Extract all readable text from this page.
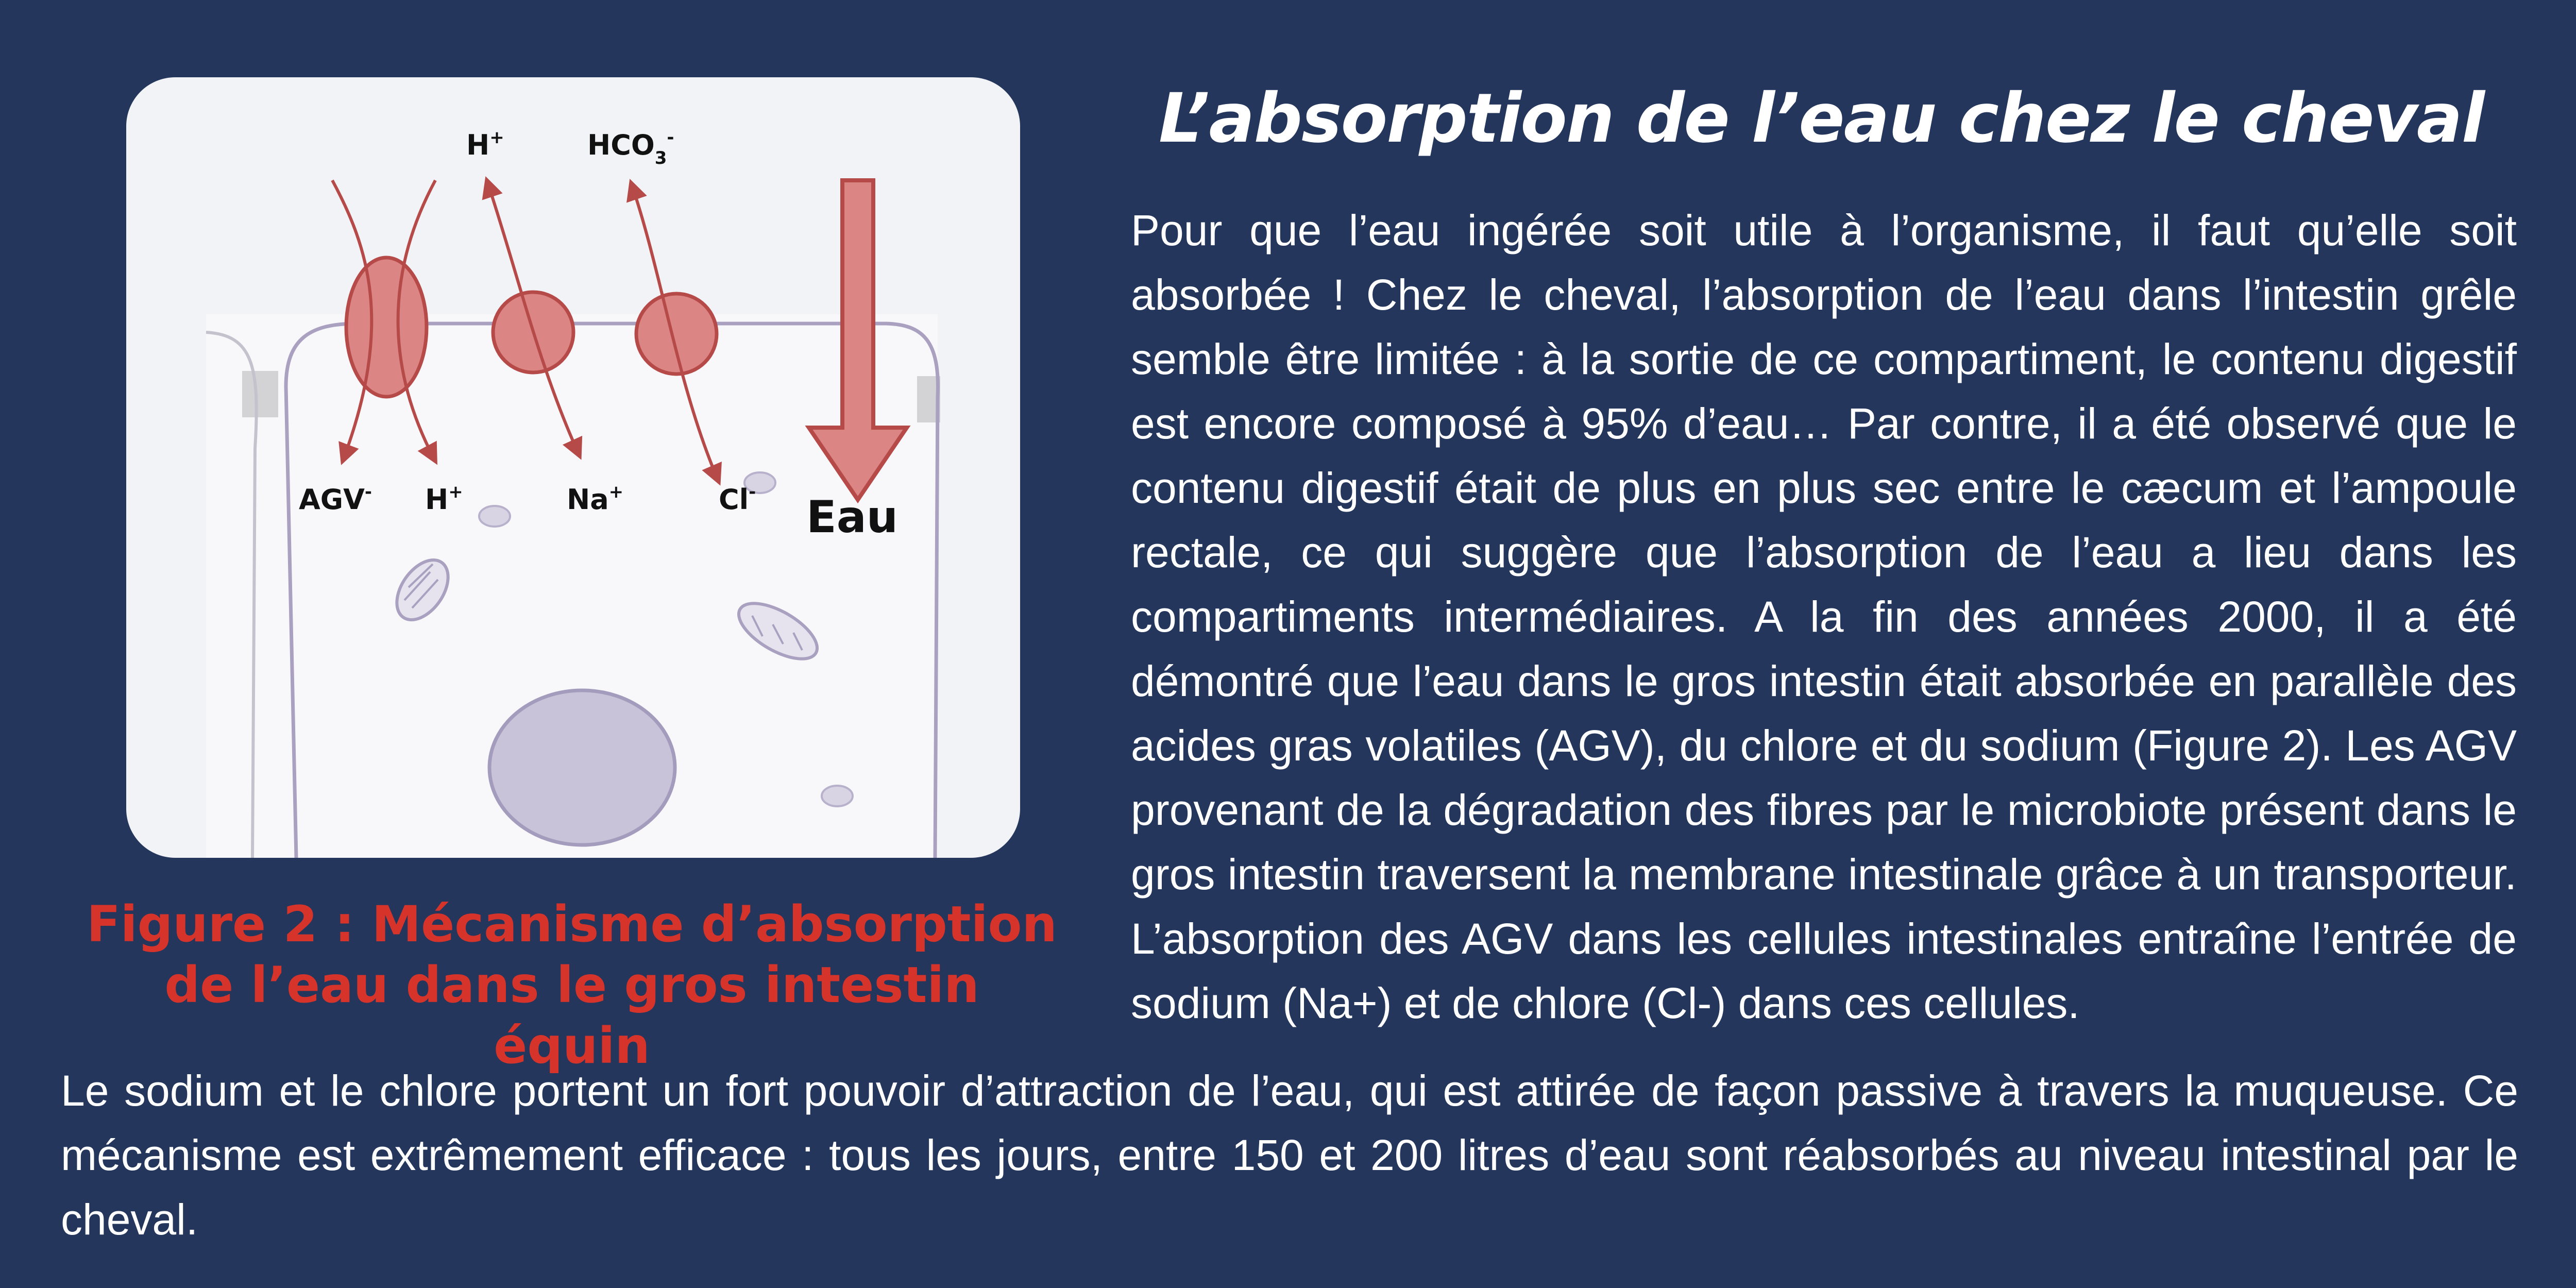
H+	$HCO_3^-$
AGV- H+	Na+	Cl- Eau
Figure 2 : Mécanisme d’absorption
de l’eau dans le gros intestin équin
L’absorption de l’eau chez le cheval

Pour que l’eau ingérée soit utile à l’organisme, il faut qu’elle soit absorbée ! Chez le cheval, l’absorption de l’eau dans l’intestin grêle semble être limitée : à la sortie de ce compartiment, le contenu digestif est encore composé à 95% d’eau… Par contre, il a été observé que le contenu digestif était de plus en plus sec entre le cæcum et l’ampoule rectale, ce qui suggère que l’absorption de l’eau a lieu dans les compartiments intermédiaires. A la fin des années 2000, il a été démontré que l’eau dans le gros intestin était absorbée en parallèle des acides gras volatiles (AGV), du chlore et du sodium (Figure 2). Les AGV provenant de la dégradation des fibres par le microbiote présent dans le gros intestin traversent la membrane intestinale grâce à un transporteur. L’absorption des AGV dans les cellules intestinales entraîne l’entrée de sodium (Na+) et de chlore (Cl-) dans ces cellules.

Le sodium et le chlore portent un fort pouvoir d’attraction de l’eau, qui est attirée de façon passive à travers la muqueuse. Ce mécanisme est extrêmement efficace : tous les jours, entre 150 et 200 litres d’eau sont réabsorbés au niveau intestinal par le cheval.
